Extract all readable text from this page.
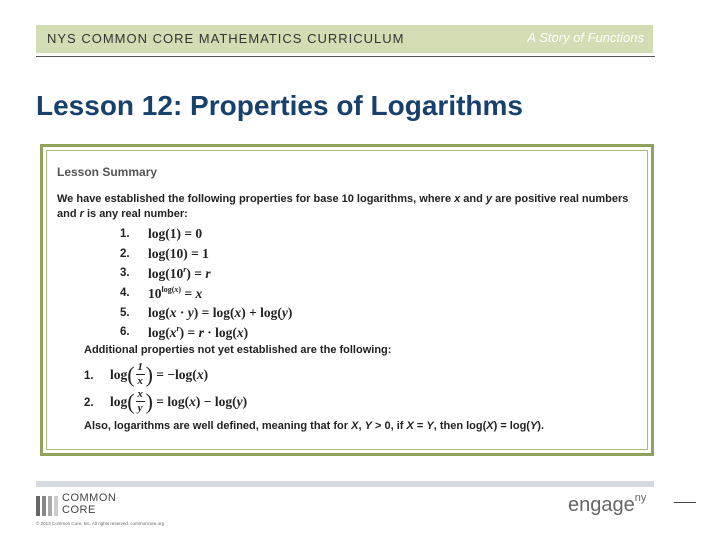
NYS COMMON CORE MATHEMATICS CURRICULUM	A Story of Functions
Lesson 12: Properties of Logarithms
Lesson Summary
We have established the following properties for base 10 logarithms, where x and y are positive real numbers and r is any real number:
1. log(1) = 0
2. log(10) = 1
3. $\log(10^r) = r$
4. $10^{log(x)} = x$
5. log(x · y) = log(x) + log(y)
6. $\log(x^r) = r \cdot \log(x)$
Additional properties not yet established are the following:
1. log ( $\frac{1}{x}$ ) = −log( x )
2. log ( $\frac{x}{y}$ ) = log( x ) − log( y )
Also, logarithms are well defined, meaning that for X, Y > 0, if X = Y, then log(X) = log(Y).
COMMON
CORE
© 2013 Common Core, Inc. All rights reserved. commoncore.org
engage$^{ny}$
